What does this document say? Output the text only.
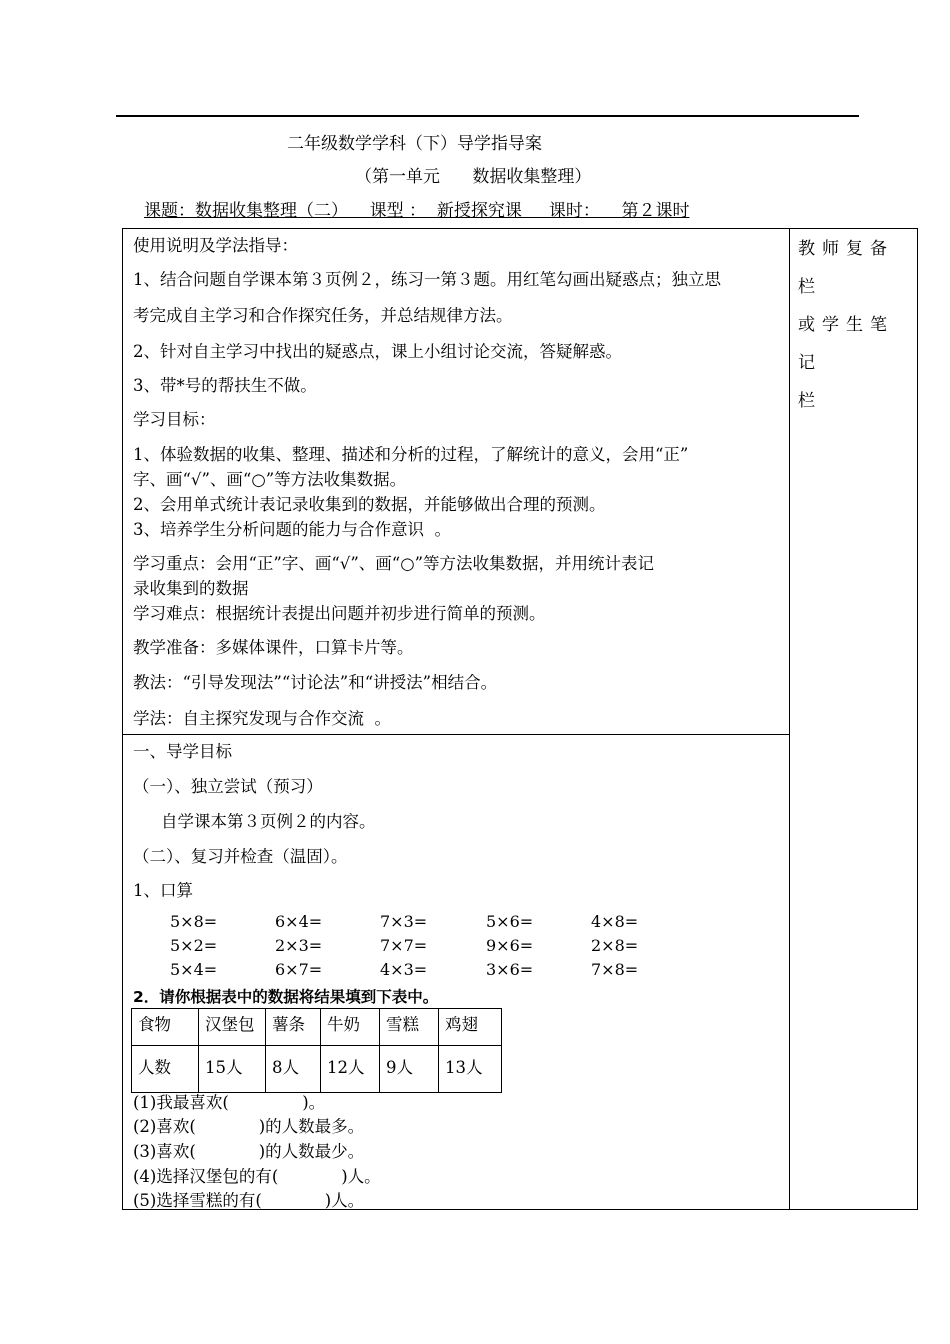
二年级数学学科（下）导学指导案
（第一单元      数据收集整理）
课题：数据收集整理（二）    课型 ：  新授探究课     课时：    第２课时
教师复备栏
或学生笔 记
栏
使用说明及学法指导：
1、结合问题自学课本第３页例２，练习一第３题。用红笔勾画出疑惑点；独立思
考完成自主学习和合作探究任务，并总结规律方法。
2、针对自主学习中找出的疑惑点，课上小组讨论交流，答疑解惑。
3、带*号的帮扶生不做。
学习目标：
1、体验数据的收集、整理、描述和分析的过程，了解统计的意义，会用“正”
字、画“√”、画“○”等方法收集数据。
2、会用单式统计表记录收集到的数据，并能够做出合理的预测。
3、培养学生分析问题的能力与合作意识  。
学习重点：会用“正”字、画“√”、画“○”等方法收集数据，并用统计表记
录收集到的数据
学习难点：根据统计表提出问题并初步进行简单的预测。
教学准备：多媒体课件，口算卡片等。
教法：“引导发现法”“讨论法”和“讲授法”相结合。
学法：自主探究发现与合作交流  。
一、导学目标
（一）、独立尝试（预习）
自学课本第３页例２的内容。
（二）、复习并检查（温固）。
1、口算
5×8=	6×4=	7×3=	5×6=	4×8=
5×2=	2×3=	7×7=	9×6=	2×8=
5×4=	6×7=	4×3=	3×6=	7×8=
2．请你根据表中的数据将结果填到下表中。
食物	汉堡包	薯条	牛奶	雪糕	鸡翅
人数	15人	8人	12人	9人	13人
(1)我最喜欢(              )。
(2)喜欢(            )的人数最多。
(3)喜欢(            )的人数最少。
(4)选择汉堡包的有(            )人。
(5)选择雪糕的有(            )人。
